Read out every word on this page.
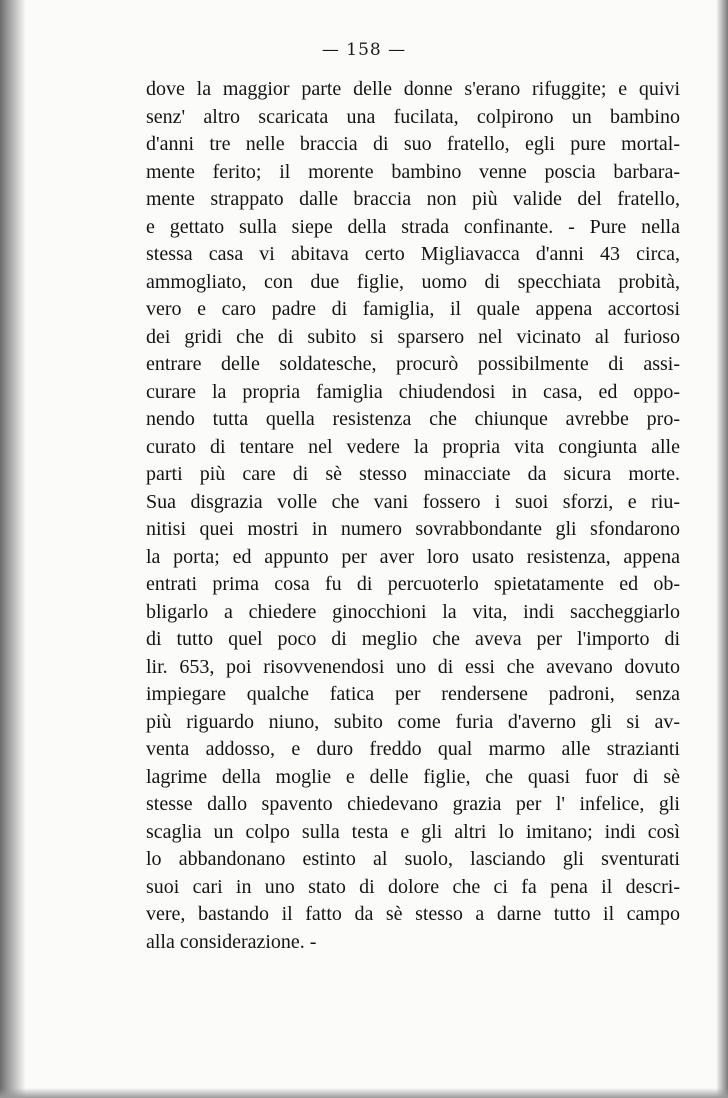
— 158 —
dove la maggior parte delle donne s'erano rifuggite; e quivi
senz' altro scaricata una fucilata, colpirono un bambino
d'anni tre nelle braccia di suo fratello, egli pure mortal-
mente ferito; il morente bambino venne poscia barbara-
mente strappato dalle braccia non più valide del fratello,
e gettato sulla siepe della strada confinante. - Pure nella
stessa casa vi abitava certo Migliavacca d'anni 43 circa,
ammogliato, con due figlie, uomo di specchiata probità,
vero e caro padre di famiglia, il quale appena accortosi
dei gridi che di subito si sparsero nel vicinato al furioso
entrare delle soldatesche, procurò possibilmente di assi-
curare la propria famiglia chiudendosi in casa, ed oppo-
nendo tutta quella resistenza che chiunque avrebbe pro-
curato di tentare nel vedere la propria vita congiunta alle
parti più care di sè stesso minacciate da sicura morte.
Sua disgrazia volle che vani fossero i suoi sforzi, e riu-
nitisi quei mostri in numero sovrabbondante gli sfondarono
la porta; ed appunto per aver loro usato resistenza, appena
entrati prima cosa fu di percuoterlo spietatamente ed ob-
bligarlo a chiedere ginocchioni la vita, indi saccheggiarlo
di tutto quel poco di meglio che aveva per l'importo di
lir. 653, poi risovvenendosi uno di essi che avevano dovuto
impiegare qualche fatica per rendersene padroni, senza
più riguardo niuno, subito come furia d'averno gli si av-
venta addosso, e duro freddo qual marmo alle strazianti
lagrime della moglie e delle figlie, che quasi fuor di sè
stesse dallo spavento chiedevano grazia per l' infelice, gli
scaglia un colpo sulla testa e gli altri lo imitano; indi così
lo abbandonano estinto al suolo, lasciando gli sventurati
suoi cari in uno stato di dolore che ci fa pena il descri-
vere, bastando il fatto da sè stesso a darne tutto il campo
alla considerazione. -
